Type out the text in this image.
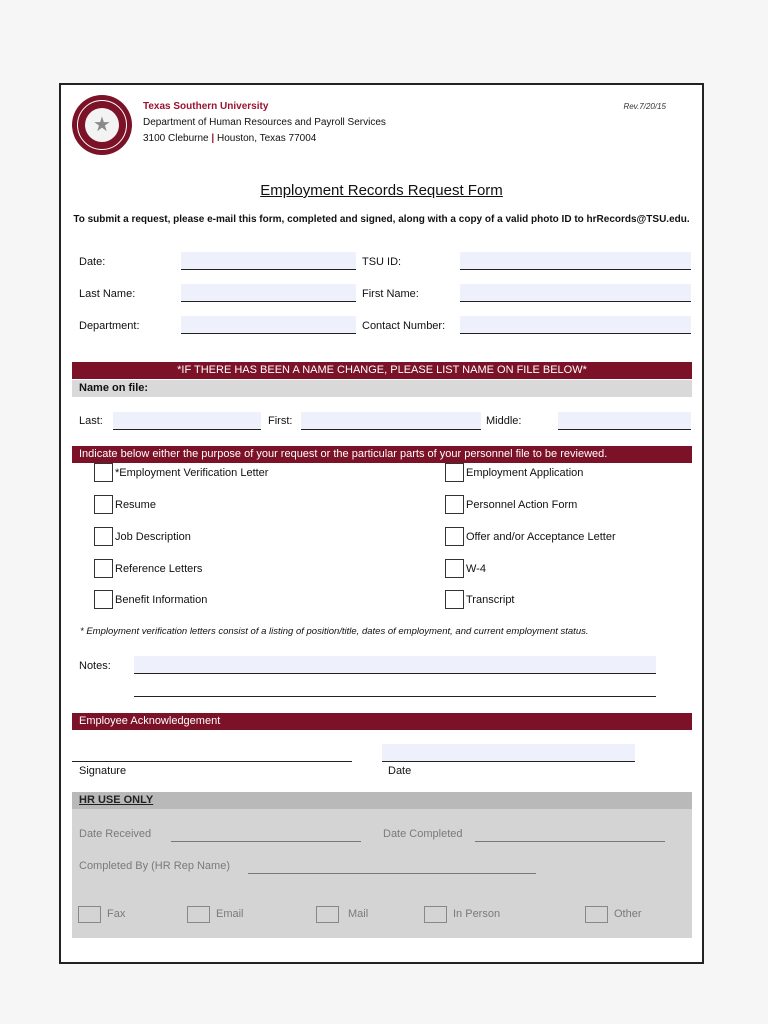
★
Texas Southern University
Department of Human Resources and Payroll Services
3100 Cleburne | Houston, Texas 77004
Rev.7/20/15
Employment Records Request Form
To submit a request, please e-mail this form, completed and signed, along with a copy of a valid photo ID to hrRecords@TSU.edu.
Date:	TSU ID:
Last Name:	First Name:
Department:	Contact Number:
*IF THERE HAS BEEN A NAME CHANGE, PLEASE LIST NAME ON FILE BELOW*
Name on file:
Last:	First:	Middle:
Indicate below either the purpose of your request or the particular parts of your personnel file to be reviewed.
*Employment Verification Letter
Resume
Job Description
Reference Letters
Benefit Information
Employment Application
Personnel Action Form
Offer and/or Acceptance Letter
W-4
Transcript
* Employment verification letters consist of a listing of position/title, dates of employment, and current employment status.
Notes:
Employee Acknowledgement
Signature	Date
HR USE ONLY
Date Received	Date Completed
Completed By (HR Rep Name)
Fax	Email	Mail	In Person	Other
